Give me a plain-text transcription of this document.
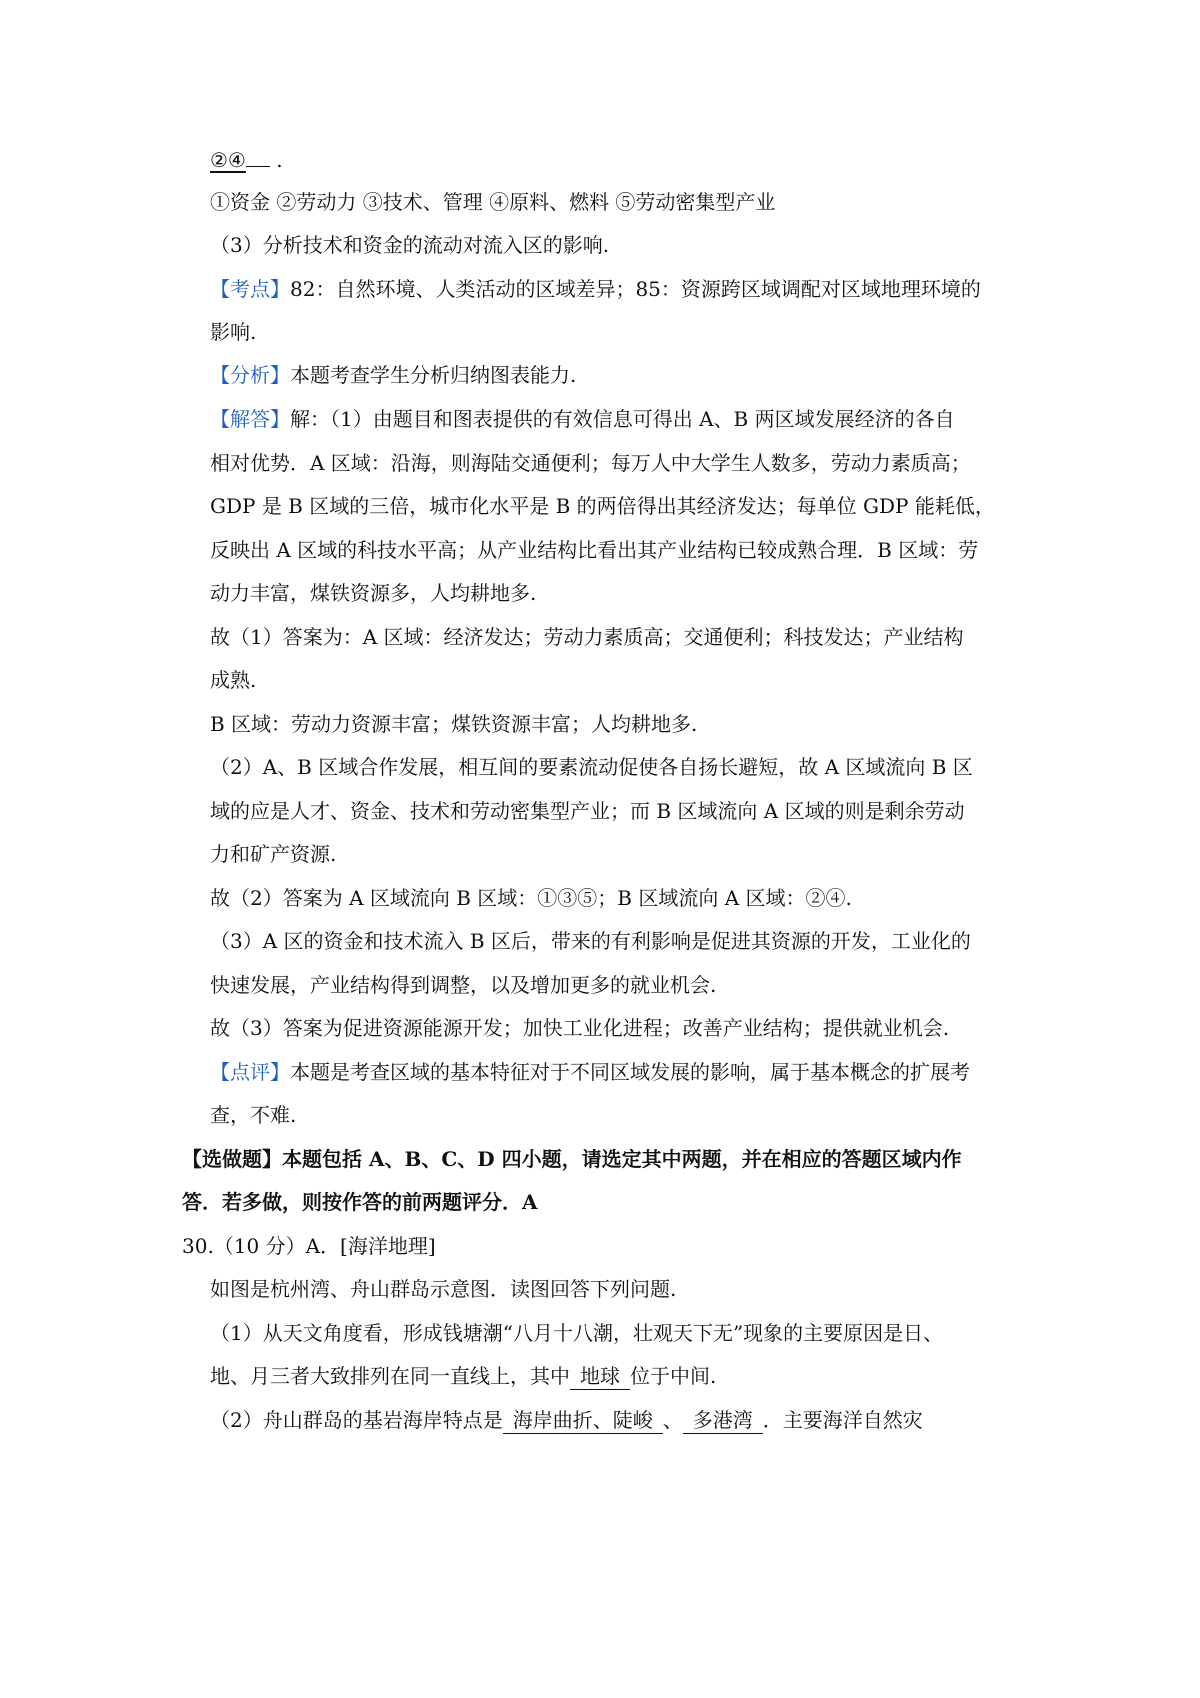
②④ .
①资金 ②劳动力 ③技术、管理 ④原料、燃料 ⑤劳动密集型产业
（3）分析技术和资金的流动对流入区的影响.
【考点】82：自然环境、人类活动的区域差异；85：资源跨区域调配对区域地理环境的
影响.
【分析】本题考查学生分析归纳图表能力.
【解答】解：（1）由题目和图表提供的有效信息可得出 A、B 两区域发展经济的各自
相对优势．A 区域：沿海，则海陆交通便利；每万人中大学生人数多，劳动力素质高；
GDP 是 B 区域的三倍，城市化水平是 B 的两倍得出其经济发达；每单位 GDP 能耗低，
反映出 A 区域的科技水平高；从产业结构比看出其产业结构已较成熟合理．B 区域：劳
动力丰富，煤铁资源多，人均耕地多.
故（1）答案为：A 区域：经济发达；劳动力素质高；交通便利；科技发达；产业结构
成熟.
B 区域：劳动力资源丰富；煤铁资源丰富；人均耕地多.
（2）A、B 区域合作发展，相互间的要素流动促使各自扬长避短，故 A 区域流向 B 区
域的应是人才、资金、技术和劳动密集型产业；而 B 区域流向 A 区域的则是剩余劳动
力和矿产资源.
故（2）答案为 A 区域流向 B 区域：①③⑤；B 区域流向 A 区域：②④.
（3）A 区的资金和技术流入 B 区后，带来的有利影响是促进其资源的开发，工业化的
快速发展，产业结构得到调整，以及增加更多的就业机会.
故（3）答案为促进资源能源开发；加快工业化进程；改善产业结构；提供就业机会.
【点评】本题是考查区域的基本特征对于不同区域发展的影响，属于基本概念的扩展考
查，不难.
【选做题】本题包括 A、B、C、D 四小题，请选定其中两题，并在相应的答题区域内作
答．若多做，则按作答的前两题评分．A
30.（10 分）A．[海洋地理]
如图是杭州湾、舟山群岛示意图．读图回答下列问题.
（1）从天文角度看，形成钱塘潮“八月十八潮，壮观天下无”现象的主要原因是日、
地、月三者大致排列在同一直线上，其中 地球 位于中间.
（2）舟山群岛的基岩海岸特点是 海岸曲折、陡峻 、 多港湾 ．主要海洋自然灾
